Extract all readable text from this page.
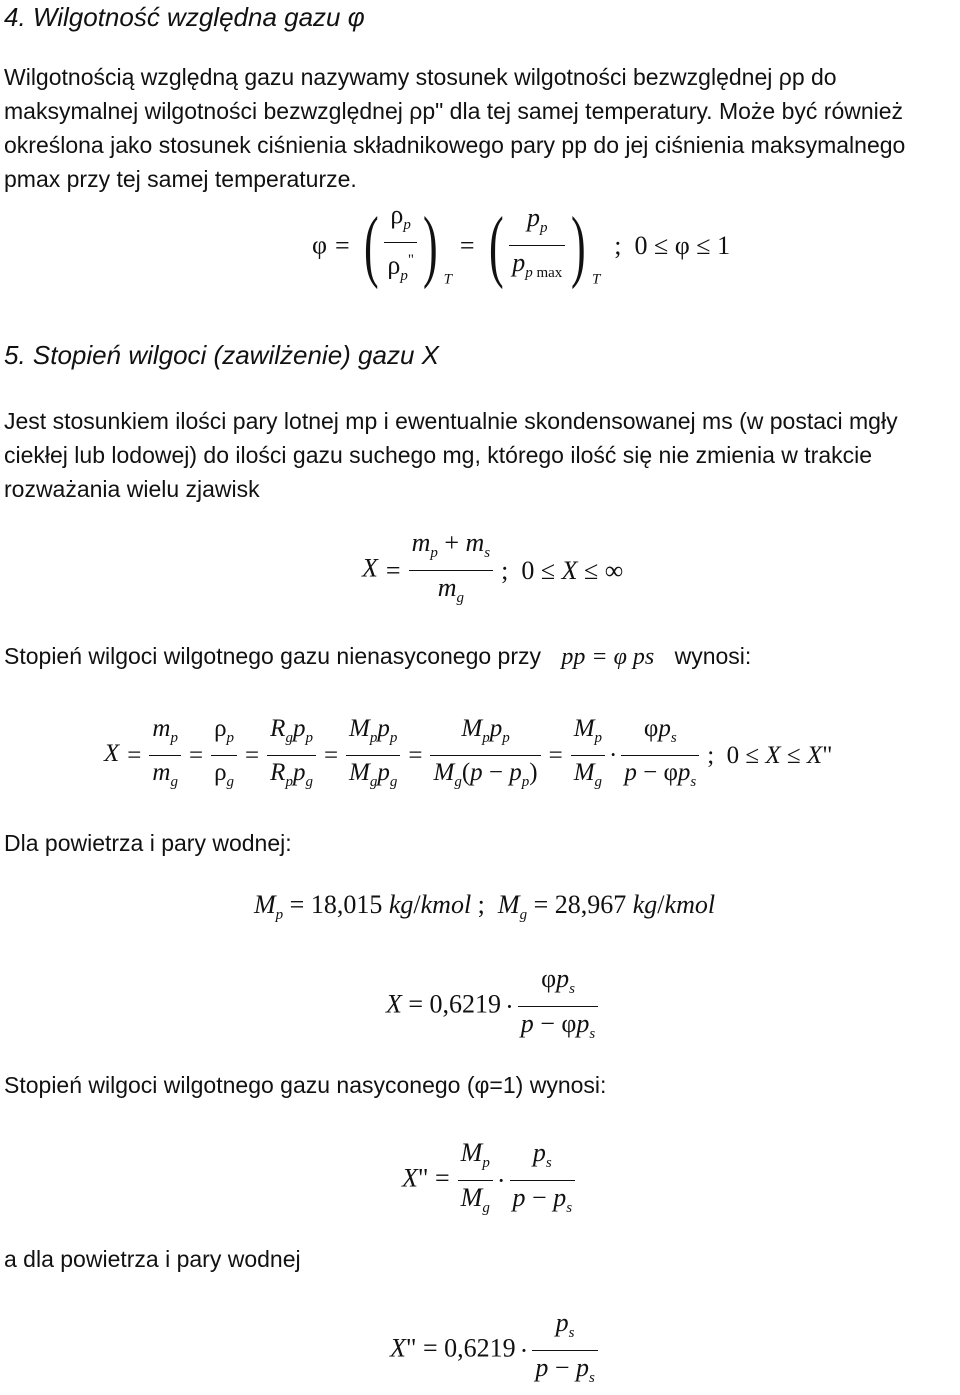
4. Wilgotność względna gazu φ
Wilgotnością względną gazu nazywamy stosunek wilgotności bezwzględnej ρp do maksymalnej wilgotności bezwzględnej ρp" dla tej samej temperatury. Może być również określona jako stosunek ciśnienia składnikowego pary pp do jej ciśnienia maksymalnego pmax przy tej samej temperaturze.
φ = ( $\frac{\rho_p}{\rho_p^"}$ ) $_T$= ( $p_p$
$p_{p max}$ ) $_T$;  0 ≤ φ ≤ 1
5. Stopień wilgoci (zawilżenie) gazu X
Jest stosunkiem ilości pary lotnej mp i ewentualnie skondensowanej ms (w postaci mgły ciekłej lub lodowej) do ilości gazu suchego mg, którego ilość się nie zmienia w trakcie rozważania wielu zjawisk
$X = \frac{m_p + m_s}{m_g}$ ;  0 ≤ X ≤ ∞
Stopień wilgoci wilgotnego gazu nienasyconego przy pp = φ ps wynosi:
$X = \frac{m_p}{m_g} = \frac{\rho_p}{\rho_g}$ =
$R_gp_p$
$R_pp_g$
=
$M_pp_p$
$M_gp_g$
=
$M_pp_p$
$M_g(p - p_p)$
= $\frac{M_p}{M_g}$ ·
$\varphi p_s$
$p - \varphi p_s$
;  0 ≤ X ≤ X"
Dla powietrza i pary wodnej:
$M_p = 18,015$ kg/kmol ;  $M_g = 28,967$ kg/kmol
X = 0,6219 ·
$\varphi p_s$
$p - \varphi p_s$
Stopień wilgoci wilgotnego gazu nasyconego (φ=1) wynosi:
X" = $\frac{M_p}{M_g} \cdot \frac{p_s}{p - p_s}$
a dla powietrza i pary wodnej
X" = $0,6219 \cdot \frac{p_s}{p - p_s}$
